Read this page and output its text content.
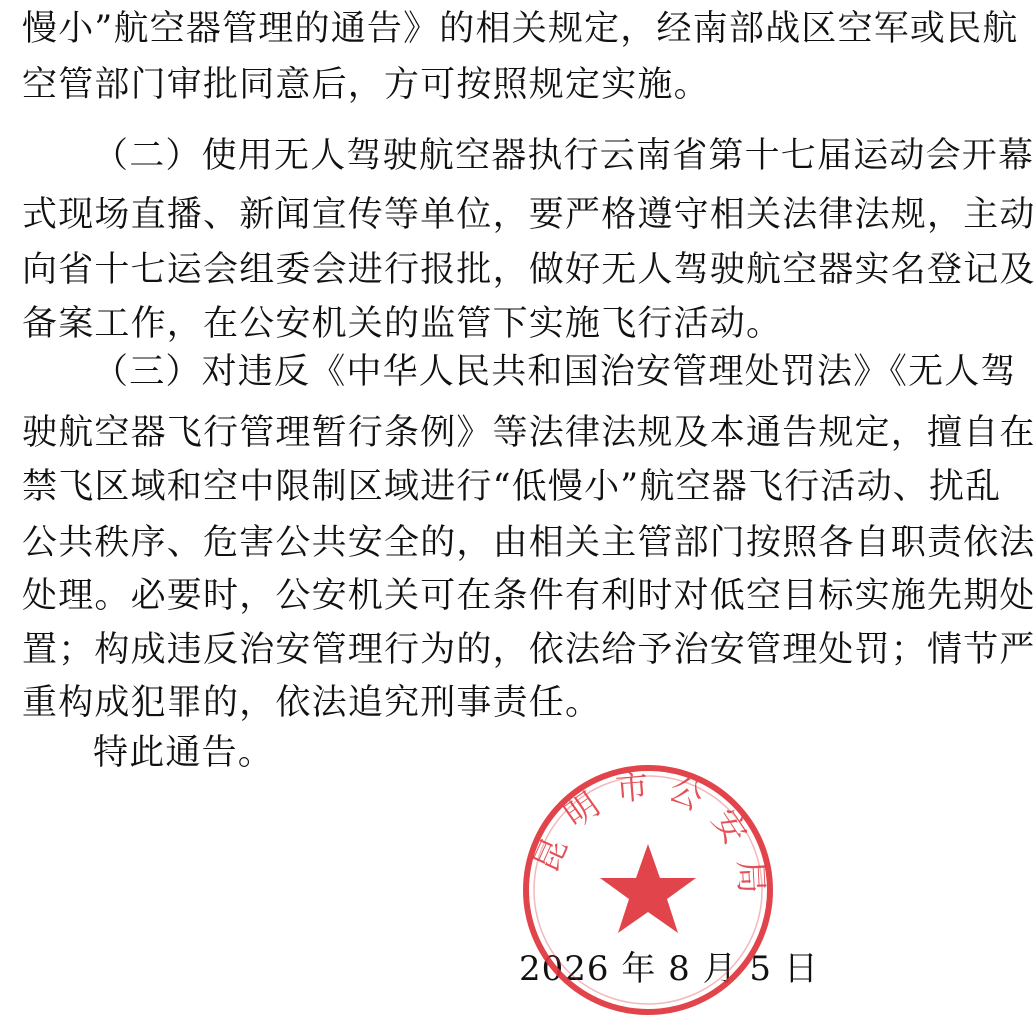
慢小”航空器管理的通告》的相关规定，经南部战区空军或民航
空管部门审批同意后，方可按照规定实施。
（二）使用无人驾驶航空器执行云南省第十七届运动会开幕
式现场直播、新闻宣传等单位，要严格遵守相关法律法规，主动
向省十七运会组委会进行报批，做好无人驾驶航空器实名登记及
备案工作，在公安机关的监管下实施飞行活动。
（三）对违反《中华人民共和国治安管理处罚法》《无人驾
驶航空器飞行管理暂行条例》等法律法规及本通告规定，擅自在
禁飞区域和空中限制区域进行“低慢小”航空器飞行活动、扰乱
公共秩序、危害公共安全的，由相关主管部门按照各自职责依法
处理。必要时，公安机关可在条件有利时对低空目标实施先期处
置；构成违反治安管理行为的，依法给予治安管理处罚；情节严
重构成犯罪的，依法追究刑事责任。
特此通告。
2026 年 8 月 5 日
昆明市公安局
